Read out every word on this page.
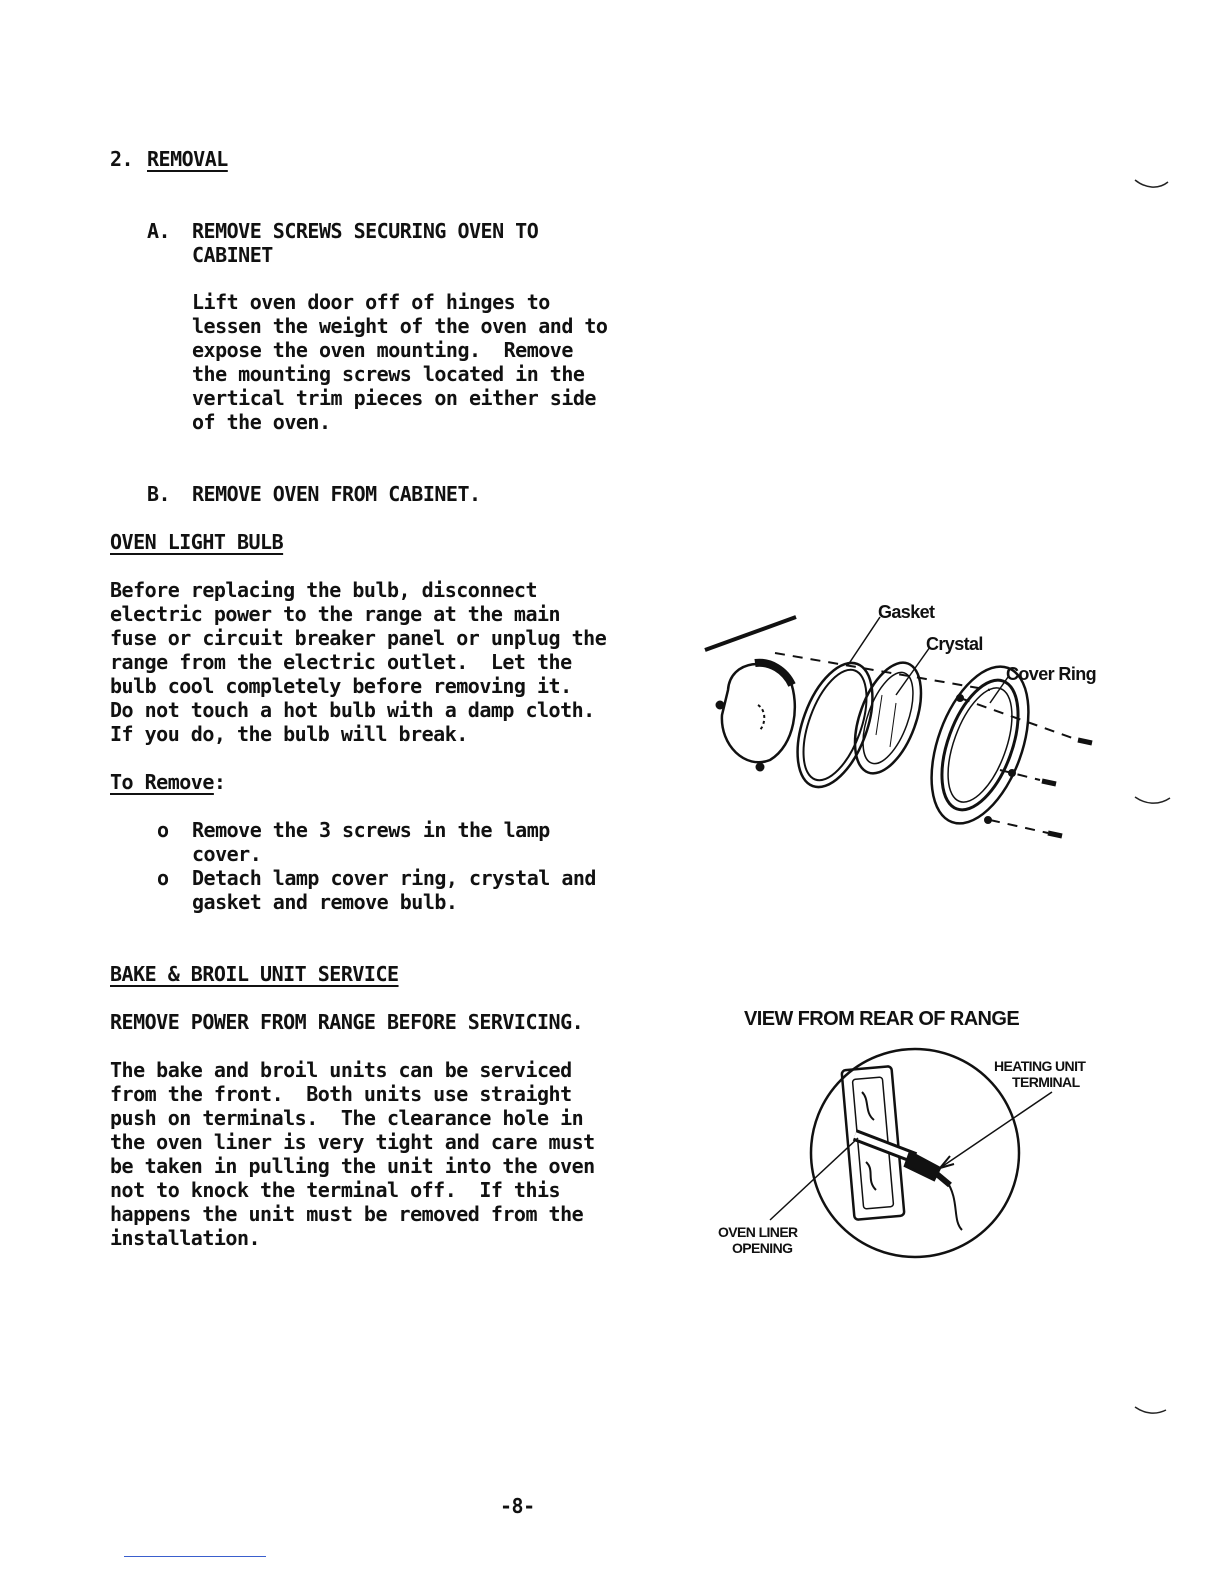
2. REMOVAL
A. REMOVE SCREWS SECURING OVEN TO
CABINET
Lift oven door off of hinges to
lessen the weight of the oven and to
expose the oven mounting.  Remove
the mounting screws located in the
vertical trim pieces on either side
of the oven.
B. REMOVE OVEN FROM CABINET.
OVEN LIGHT BULB
Before replacing the bulb, disconnect
electric power to the range at the main
fuse or circuit breaker panel or unplug the
range from the electric outlet.  Let the
bulb cool completely before removing it.
Do not touch a hot bulb with a damp cloth.
If you do, the bulb will break.
To Remove:
o Remove the 3 screws in the lamp
cover.
o Detach lamp cover ring, crystal and
gasket and remove bulb.
Gasket
Crystal
Cover Ring
BAKE & BROIL UNIT SERVICE
REMOVE POWER FROM RANGE BEFORE SERVICING.
The bake and broil units can be serviced
from the front.  Both units use straight
push on terminals.  The clearance hole in
the oven liner is very tight and care must
be taken in pulling the unit into the oven
not to knock the terminal off.  If this
happens the unit must be removed from the
installation.
VIEW FROM REAR OF RANGE
HEATING UNIT
TERMINAL
OVEN LINER
OPENING
-8-
